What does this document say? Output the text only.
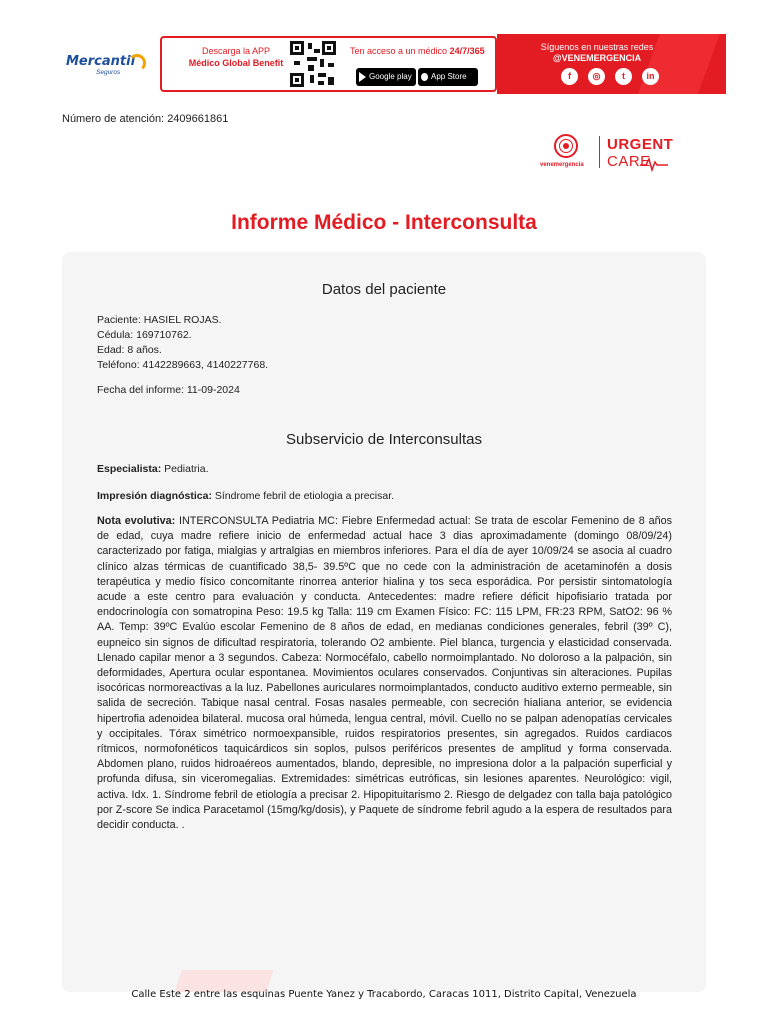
Mercantil
Seguros
Descarga la APP
Médico Global Benefit
Ten acceso a un médico 24/7/365
Google play	App Store
Síguenos en nuestras redes
@VENEMERGENCIA
f	◎	t	in
Número de atención: 2409661861
venemergencia
URGENT
CARE
Informe Médico - Interconsulta
Datos del paciente
Paciente: HASIEL ROJAS.
Cédula: 169710762.
Edad: 8 años.
Teléfono: 4142289663, 4140227768.
Fecha del informe: 11-09-2024
Subservicio de Interconsultas
Especialista: Pediatria.
Impresión diagnóstica: Síndrome febril de etiologia a precisar.
Nota evolutiva: INTERCONSULTA Pediatria MC: Fiebre Enfermedad actual: Se trata de escolar Femenino de 8 años de edad, cuya madre refiere inicio de enfermedad actual hace 3 dias aproximadamente (domingo 08/09/24) caracterizado por fatiga, mialgias y artralgias en miembros inferiores. Para el día de ayer 10/09/24 se asocia al cuadro clínico alzas térmicas de cuantificado 38,5- 39.5ºC que no cede con la administración de acetaminofén a dosis terapéutica y medio físico concomitante rinorrea anterior hialina y tos seca esporádica. Por persistir sintomatología acude a este centro para evaluación y conducta. Antecedentes: madre refiere déficit hipofisiario tratada por endocrinología con somatropina Peso: 19.5 kg Talla: 119 cm Examen Físico: FC: 115 LPM, FR:23 RPM, SatO2: 96 % AA. Temp: 39ºC Evalúo escolar Femenino de 8 años de edad, en medianas condiciones generales, febril (39º C), eupneico sin signos de dificultad respiratoria, tolerando O2 ambiente. Piel blanca, turgencia y elasticidad conservada. Llenado capilar menor a 3 segundos. Cabeza: Normocéfalo, cabello normoimplantado. No doloroso a la palpación, sin deformidades, Apertura ocular espontanea. Movimientos oculares conservados. Conjuntivas sin alteraciones. Pupilas isocóricas normoreactivas a la luz. Pabellones auriculares normoimplantados, conducto auditivo externo permeable, sin salida de secreción. Tabique nasal central. Fosas nasales permeable, con secreción hialiana anterior, se evidencia hipertrofia adenoidea bilateral. mucosa oral húmeda, lengua central, móvil. Cuello no se palpan adenopatías cervicales y occipitales. Tórax simétrico normoexpansible, ruidos respiratorios presentes, sin agregados. Ruidos cardiacos rítmicos, normofonéticos taquicárdicos sin soplos, pulsos periféricos presentes de amplitud y forma conservada. Abdomen plano, ruidos hidroaéreos aumentados, blando, depresible, no impresiona dolor a la palpación superficial y profunda difusa, sin viceromegalias. Extremidades: simétricas eutróficas, sin lesiones aparentes. Neurológico: vigil, activa. Idx. 1. Síndrome febril de etiología a precisar 2. Hipopituitarismo 2. Riesgo de delgadez con talla baja patológico por Z-score Se indica Paracetamol (15mg/kg/dosis), y Paquete de síndrome febril agudo a la espera de resultados para decidir conducta. .
Calle Este 2 entre las esquinas Puente Yanez y Tracabordo, Caracas 1011, Distrito Capital, Venezuela
